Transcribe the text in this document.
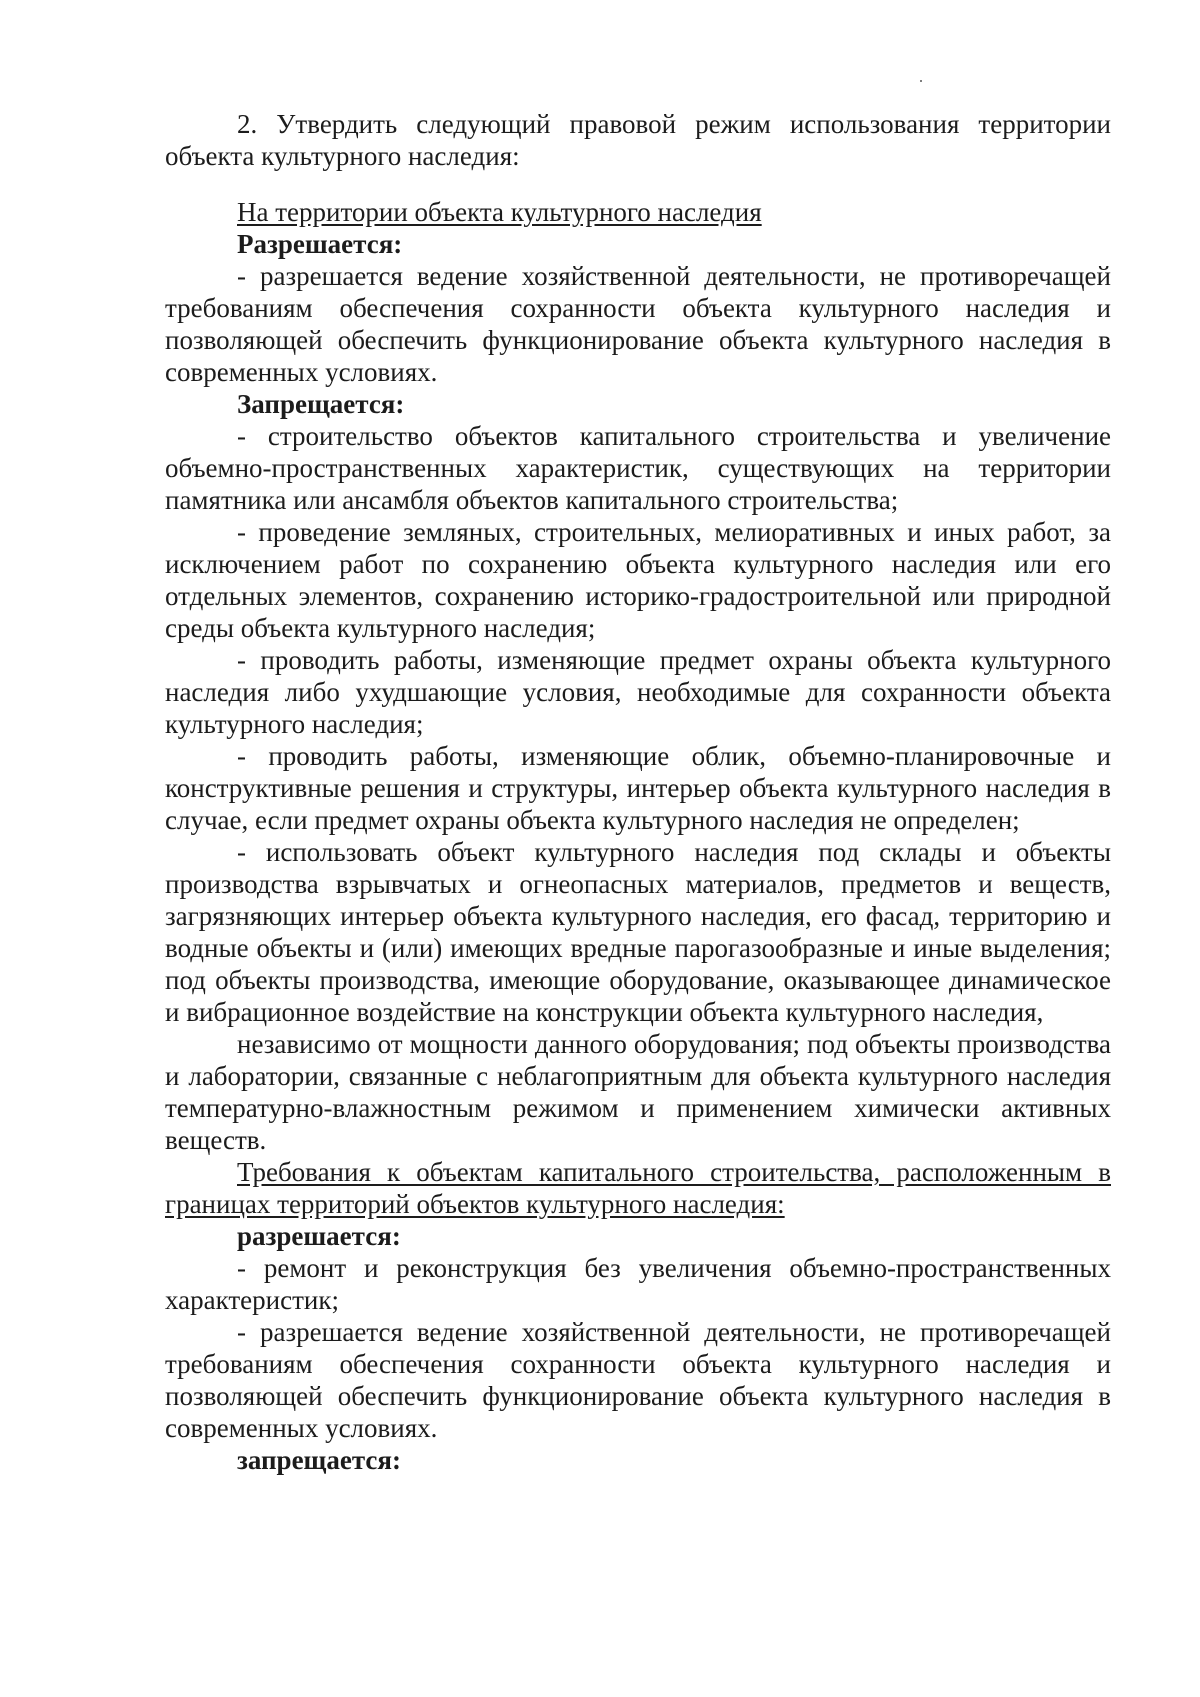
2. Утвердить следующий правовой режим использования территории объекта культурного наследия:

На территории объекта культурного наследия

Разрешается:

- разрешается ведение хозяйственной деятельности, не противоречащей требованиям обеспечения сохранности объекта культурного наследия и позволяющей обеспечить функционирование объекта культурного наследия в современных условиях.

Запрещается:

- строительство объектов капитального строительства и увеличение объемно-пространственных характеристик, существующих на территории памятника или ансамбля объектов капитального строительства;

- проведение земляных, строительных, мелиоративных и иных работ, за исключением работ по сохранению объекта культурного наследия или его отдельных элементов, сохранению историко-градостроительной или природной среды объекта культурного наследия;

- проводить работы, изменяющие предмет охраны объекта культурного наследия либо ухудшающие условия, необходимые для сохранности объекта культурного наследия;

- проводить работы, изменяющие облик, объемно-планировочные и конструктивные решения и структуры, интерьер объекта культурного наследия в случае, если предмет охраны объекта культурного наследия не определен;

- использовать объект культурного наследия под склады и объекты производства взрывчатых и огнеопасных материалов, предметов и веществ, загрязняющих интерьер объекта культурного наследия, его фасад, территорию и водные объекты и (или) имеющих вредные парогазообразные и иные выделения; под объекты производства, имеющие оборудование, оказывающее динамическое и вибрационное воздействие на конструкции объекта культурного наследия,

независимо от мощности данного оборудования; под объекты производства и лаборатории, связанные с неблагоприятным для объекта культурного наследия температурно-влажностным режимом и применением химически активных веществ.

Требования к объектам капитального строительства, расположенным в границах территорий объектов культурного наследия:

разрешается:

- ремонт и реконструкция без увеличения объемно-пространственных характеристик;

- разрешается ведение хозяйственной деятельности, не противоречащей требованиям обеспечения сохранности объекта культурного наследия и позволяющей обеспечить функционирование объекта культурного наследия в современных условиях.

запрещается:
